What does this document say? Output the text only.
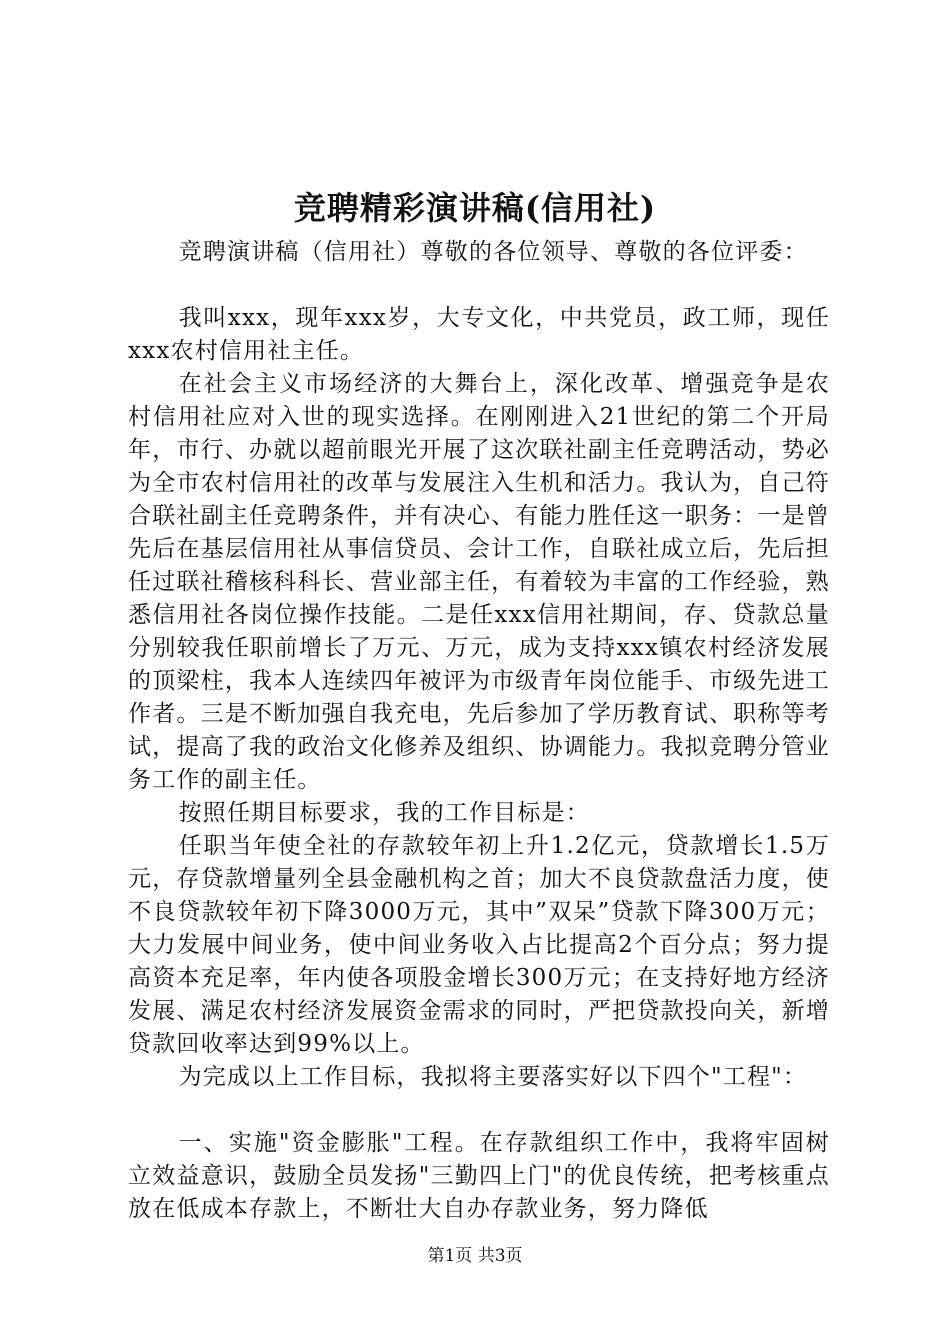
竞聘精彩演讲稿(信用社)

竞聘演讲稿（信用社）尊敬的各位领导、尊敬的各位评委：

我叫xxx，现年xxx岁，大专文化，中共党员，政工师，现任xxx农村信用社主任。

在社会主义市场经济的大舞台上，深化改革、增强竞争是农村信用社应对入世的现实选择。在刚刚进入21世纪的第二个开局年，市行、办就以超前眼光开展了这次联社副主任竞聘活动，势必为全市农村信用社的改革与发展注入生机和活力。我认为，自己符合联社副主任竞聘条件，并有决心、有能力胜任这一职务：一是曾先后在基层信用社从事信贷员、会计工作，自联社成立后，先后担任过联社稽核科科长、营业部主任，有着较为丰富的工作经验，熟悉信用社各岗位操作技能。二是任xxx信用社期间，存、贷款总量分别较我任职前增长了万元、万元，成为支持xxx镇农村经济发展的顶梁柱，我本人连续四年被评为市级青年岗位能手、市级先进工作者。三是不断加强自我充电，先后参加了学历教育试、职称等考试，提高了我的政治文化修养及组织、协调能力。我拟竞聘分管业务工作的副主任。

按照任期目标要求，我的工作目标是：

任职当年使全社的存款较年初上升1.2亿元，贷款增长1.5万元，存贷款增量列全县金融机构之首；加大不良贷款盘活力度，使不良贷款较年初下降3000万元，其中”双呆”贷款下降300万元；大力发展中间业务，使中间业务收入占比提高2个百分点；努力提高资本充足率，年内使各项股金增长300万元；在支持好地方经济发展、满足农村经济发展资金需求的同时，严把贷款投向关，新增贷款回收率达到99%以上。

为完成以上工作目标，我拟将主要落实好以下四个"工程"：

一、实施"资金膨胀"工程。在存款组织工作中，我将牢固树立效益意识，鼓励全员发扬"三勤四上门"的优良传统，把考核重点放在低成本存款上，不断壮大自办存款业务，努力降低

第1页 共3页
